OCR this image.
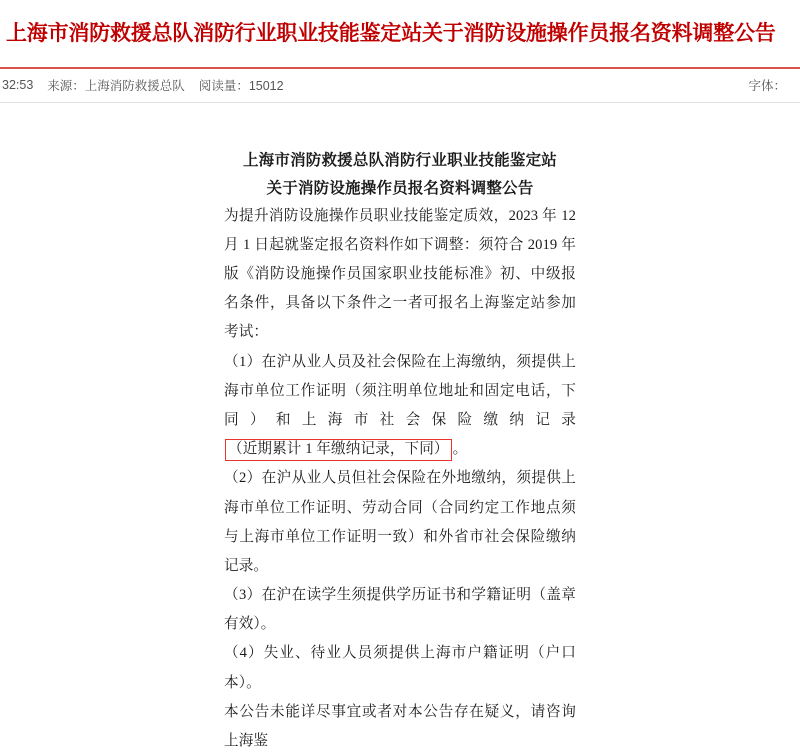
上海市消防救援总队消防行业职业技能鉴定站关于消防设施操作员报名资料调整公告
32:53 来源：上海消防救援总队 阅读量：15012	字体：
上海市消防救援总队消防行业职业技能鉴定站
关于消防设施操作员报名资料调整公告

为提升消防设施操作员职业技能鉴定质效，2023 年 12 月 1 日起就鉴定报名资料作如下调整：须符合 2019 年版《消防设施操作员国家职业技能标准》初、中级报名条件，具备以下条件之一者可报名上海鉴定站参加考试：

（1）在沪从业人员及社会保险在上海缴纳，须提供上海市单位工作证明（须注明单位地址和固定电话，下同）和上海市社会保险缴纳记录（近期累计 1 年缴纳记录，下同） 。

（2）在沪从业人员但社会保险在外地缴纳，须提供上海市单位工作证明、劳动合同（合同约定工作地点须与上海市单位工作证明一致）和外省市社会保险缴纳记录。

（3）在沪在读学生须提供学历证书和学籍证明（盖章有效）。

（4）失业、待业人员须提供上海市户籍证明（户口本）。

本公告未能详尽事宜或者对本公告存在疑义，请咨询上海鉴
